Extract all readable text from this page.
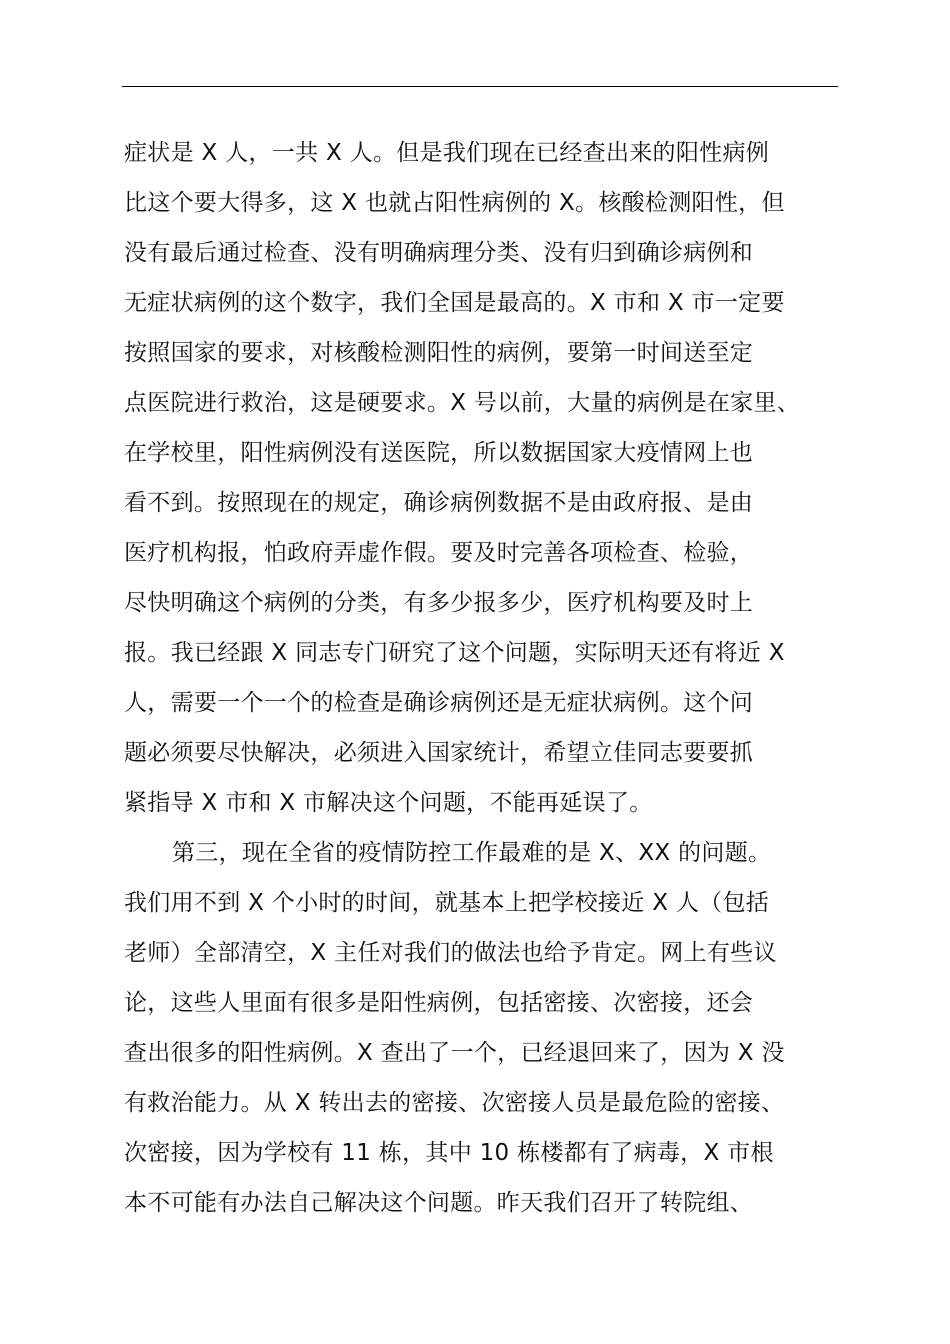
症状是 X 人，一共 X 人。但是我们现在已经查出来的阳性病例
比这个要大得多，这 X 也就占阳性病例的 X。核酸检测阳性，但
没有最后通过检查、没有明确病理分类、没有归到确诊病例和
无症状病例的这个数字，我们全国是最高的。X 市和 X 市一定要
按照国家的要求，对核酸检测阳性的病例，要第一时间送至定
点医院进行救治，这是硬要求。X 号以前，大量的病例是在家里、
在学校里，阳性病例没有送医院，所以数据国家大疫情网上也
看不到。按照现在的规定，确诊病例数据不是由政府报、是由
医疗机构报，怕政府弄虚作假。要及时完善各项检查、检验，
尽快明确这个病例的分类，有多少报多少，医疗机构要及时上
报。我已经跟 X 同志专门研究了这个问题，实际明天还有将近 X
人，需要一个一个的检查是确诊病例还是无症状病例。这个问
题必须要尽快解决，必须进入国家统计，希望立佳同志要要抓
紧指导 X 市和 X 市解决这个问题，不能再延误了。
第三，现在全省的疫情防控工作最难的是 X、XX 的问题。
我们用不到 X 个小时的时间，就基本上把学校接近 X 人（包括
老师）全部清空，X 主任对我们的做法也给予肯定。网上有些议
论，这些人里面有很多是阳性病例，包括密接、次密接，还会
查出很多的阳性病例。X 查出了一个，已经退回来了，因为 X 没
有救治能力。从 X 转出去的密接、次密接人员是最危险的密接、
次密接，因为学校有 11 栋，其中 10 栋楼都有了病毒，X 市根
本不可能有办法自己解决这个问题。昨天我们召开了转院组、
